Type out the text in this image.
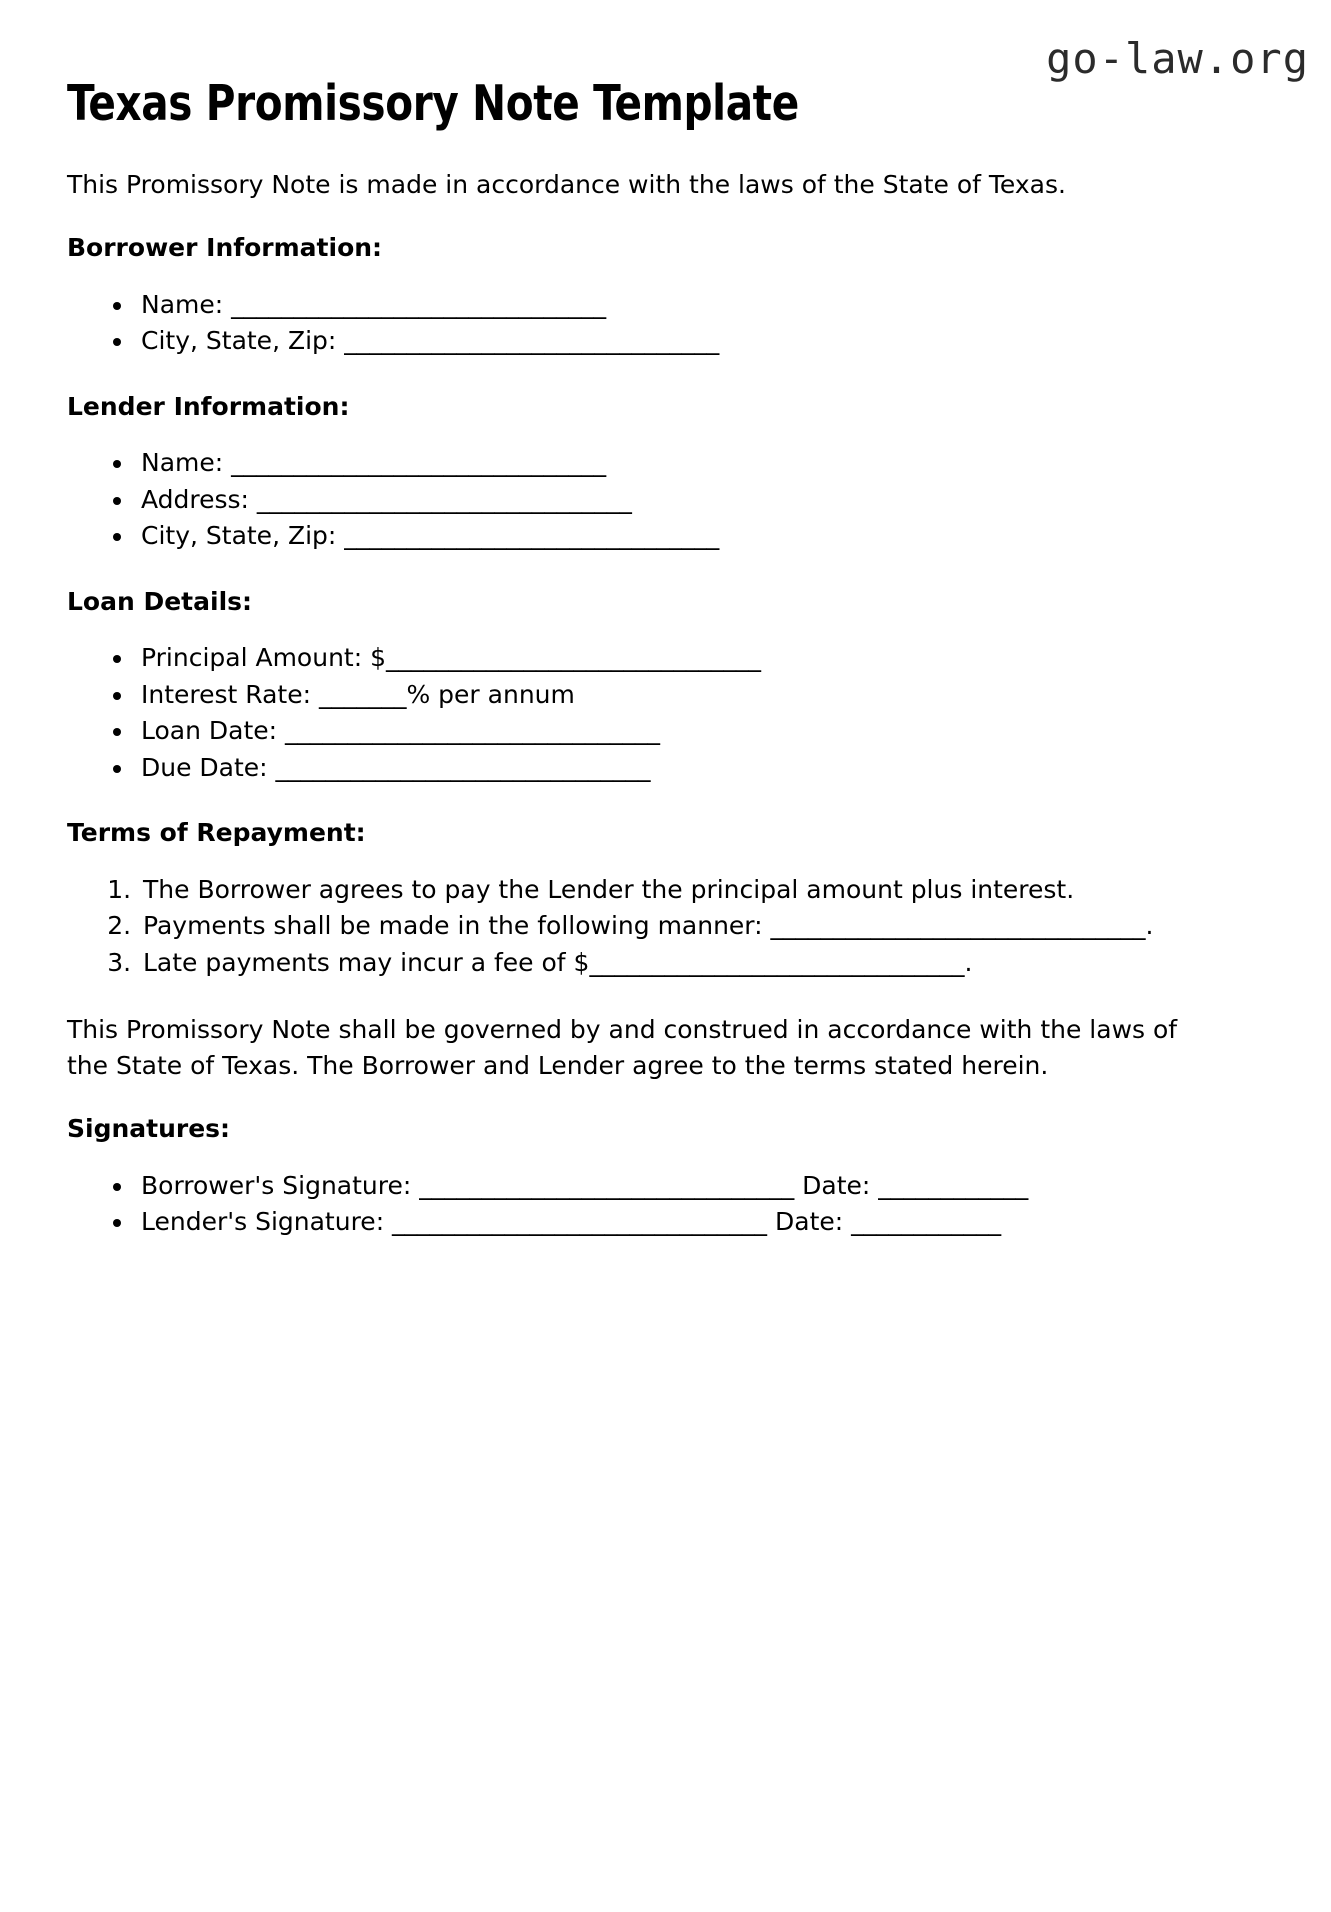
go-law.org
Texas Promissory Note Template

This Promissory Note is made in accordance with the laws of the State of Texas.

Borrower Information:
• Name: ______________________________
• City, State, Zip: ______________________________
Lender Information:
• Name: ______________________________
• Address: ______________________________
• City, State, Zip: ______________________________
Loan Details:
• Principal Amount: $______________________________
• Interest Rate: _______% per annum
• Loan Date: ______________________________
• Due Date: ______________________________
Terms of Repayment:
1. The Borrower agrees to pay the Lender the principal amount plus interest.
2. Payments shall be made in the following manner: ______________________________.
3. Late payments may incur a fee of $______________________________.

This Promissory Note shall be governed by and construed in accordance with the laws of the State of Texas. The Borrower and Lender agree to the terms stated herein.

Signatures:
• Borrower's Signature: ______________________________ Date: ____________
• Lender's Signature: ______________________________ Date: ____________
